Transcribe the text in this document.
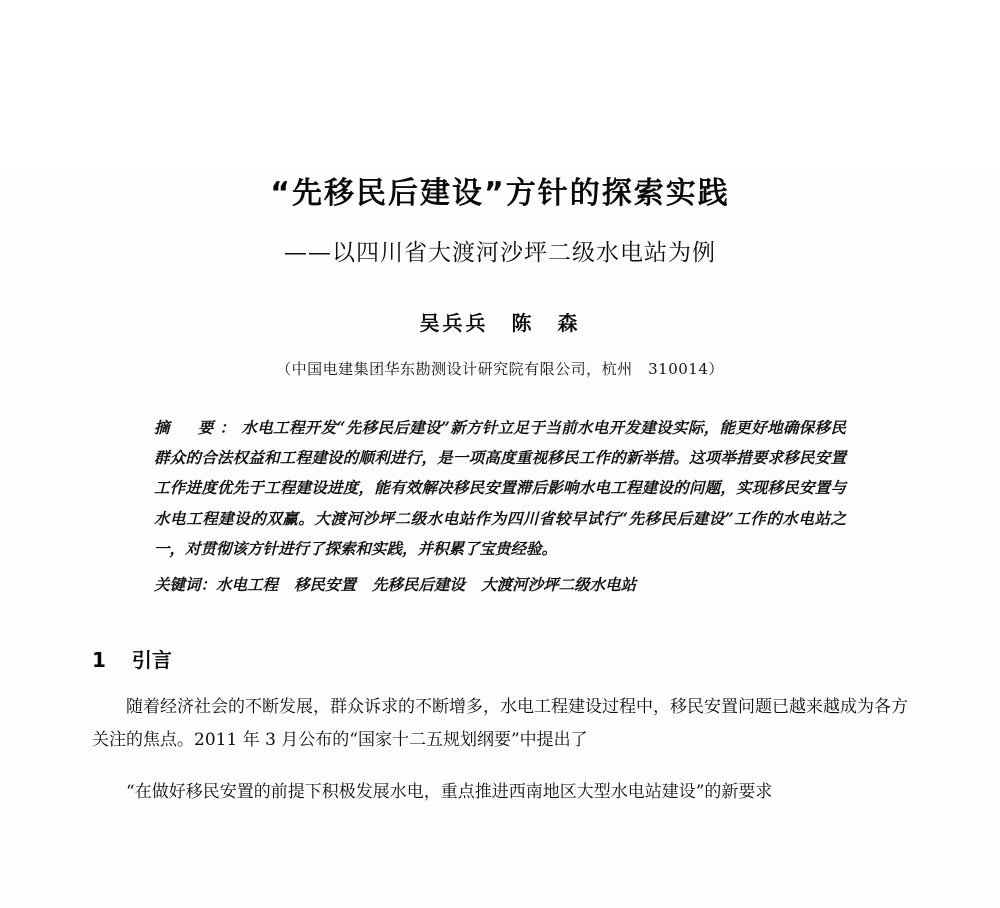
“先移民后建设”方针的探索实践
——以四川省大渡河沙坪二级水电站为例
吴兵兵　陈　森
（中国电建集团华东勘测设计研究院有限公司，杭州　310014）
摘　要：水电工程开发“先移民后建设”新方针立足于当前水电开发建设实际，能更好地确保移民群众的合法权益和工程建设的顺利进行，是一项高度重视移民工作的新举措。这项举措要求移民安置工作进度优先于工程建设进度，能有效解决移民安置滞后影响水电工程建设的问题，实现移民安置与水电工程建设的双赢。大渡河沙坪二级水电站作为四川省较早试行“先移民后建设”工作的水电站之一，对贯彻该方针进行了探索和实践，并积累了宝贵经验。
关键词：水电工程 移民安置 先移民后建设 大渡河沙坪二级水电站
1 引言
随着经济社会的不断发展，群众诉求的不断增多，水电工程建设过程中，移民安置问题已越来越成为各方关注的焦点。2011 年 3 月公布的“国家十二五规划纲要”中提出了
“在做好移民安置的前提下积极发展水电，重点推进西南地区大型水电站建设”的新要求
